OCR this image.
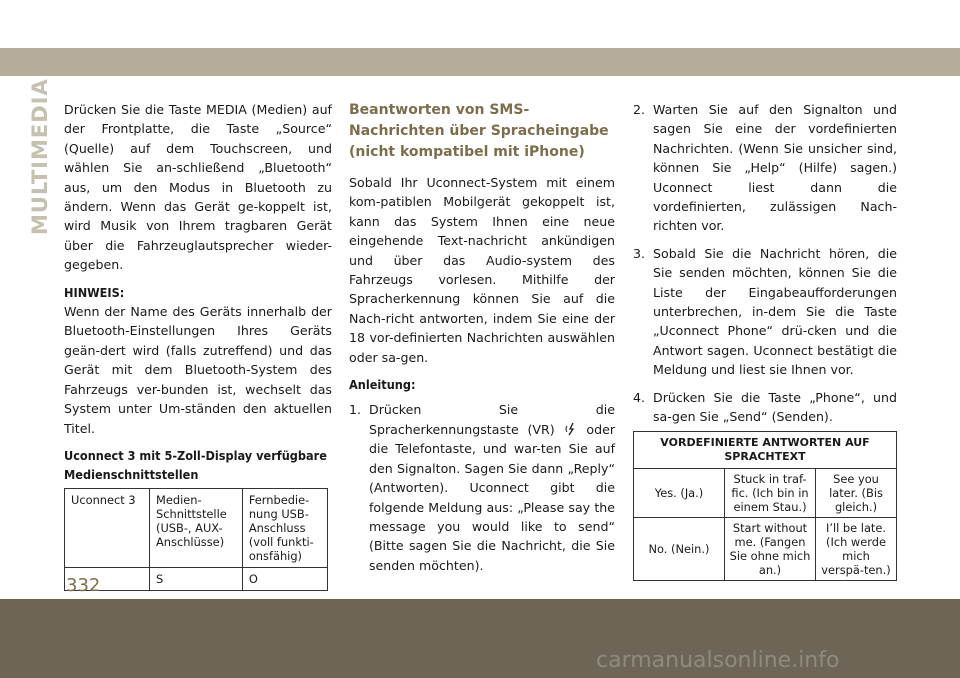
MULTIMEDIA Drücken Sie die Taste MEDIA (Medien) auf der Frontplatte, die Taste „Source“ (Quelle) auf dem Touchscreen, und wählen Sie an-schließend „Bluetooth“ aus, um den Modus in Bluetooth zu ändern. Wenn das Gerät ge-koppelt ist, wird Musik von Ihrem tragbaren Gerät über die Fahrzeuglautsprecher wieder-gegeben.

HINWEIS:

Wenn der Name des Geräts innerhalb der Bluetooth-Einstellungen Ihres Geräts geän-dert wird (falls zutreffend) und das Gerät mit dem Bluetooth-System des Fahrzeugs ver-bunden ist, wechselt das System unter Um-ständen den aktuellen Titel.

Uconnect 3 mit 5-Zoll-Display verfügbare Medienschnittstellen
Uconnect 3	Medien-Schnittstelle (USB-, AUX-Anschlüsse)	Fernbedie-nung USB-Anschluss (voll funkti-onsfähig)
	S	O
Beantworten von SMS-Nachrichten über Spracheingabe (nicht kompatibel mit iPhone)

Sobald Ihr Uconnect-System mit einem kom-patiblen Mobilgerät gekoppelt ist, kann das System Ihnen eine neue eingehende Text-nachricht ankündigen und über das Audio-system des Fahrzeugs vorlesen. Mithilfe der Spracherkennung können Sie auf die Nach-richt antworten, indem Sie eine der 18 vor-definierten Nachrichten auswählen oder sa-gen.

Anleitung:
1. Drücken Sie die Spracherkennungstaste (VR)	oder die Telefontaste, und war-ten Sie auf den Signalton. Sagen Sie dann „Reply“ (Antworten). Uconnect gibt die folgende Meldung aus: „Please say the message you would like to send“ (Bitte sagen Sie die Nachricht, die Sie senden möchten).
2. Warten Sie auf den Signalton und sagen Sie eine der vordefinierten Nachrichten. (Wenn Sie unsicher sind, können Sie „Help“ (Hilfe) sagen.) Uconnect liest dann die vordefinierten, zulässigen Nach-richten vor.
3. Sobald Sie die Nachricht hören, die Sie senden möchten, können Sie die Liste der Eingabeaufforderungen unterbrechen, in-dem Sie die Taste „Uconnect Phone“ drü-cken und die Antwort sagen. Uconnect bestätigt die Meldung und liest sie Ihnen vor.
4. Drücken Sie die Taste „Phone“, und sa-gen Sie „Send“ (Senden).
VORDEFINIERTE ANTWORTEN AUF SPRACHTEXT		
Yes. (Ja.)	Stuck in traf-fic. (Ich bin in einem Stau.)	See you later. (Bis gleich.)
No. (Nein.)	Start without me. (Fangen Sie ohne mich an.)	I’ll be late. (Ich werde mich verspä-ten.)
332
carmanualsonline.info
